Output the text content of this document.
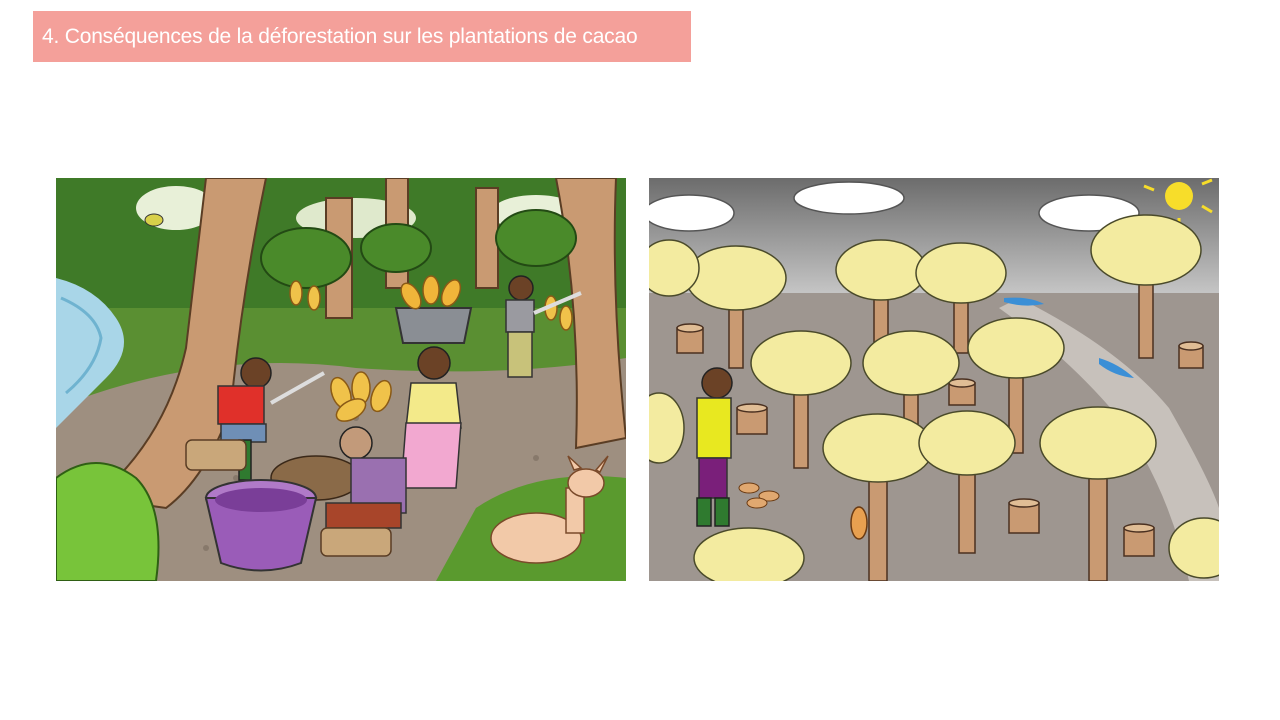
4. Conséquences de la déforestation sur les plantations de cacao
